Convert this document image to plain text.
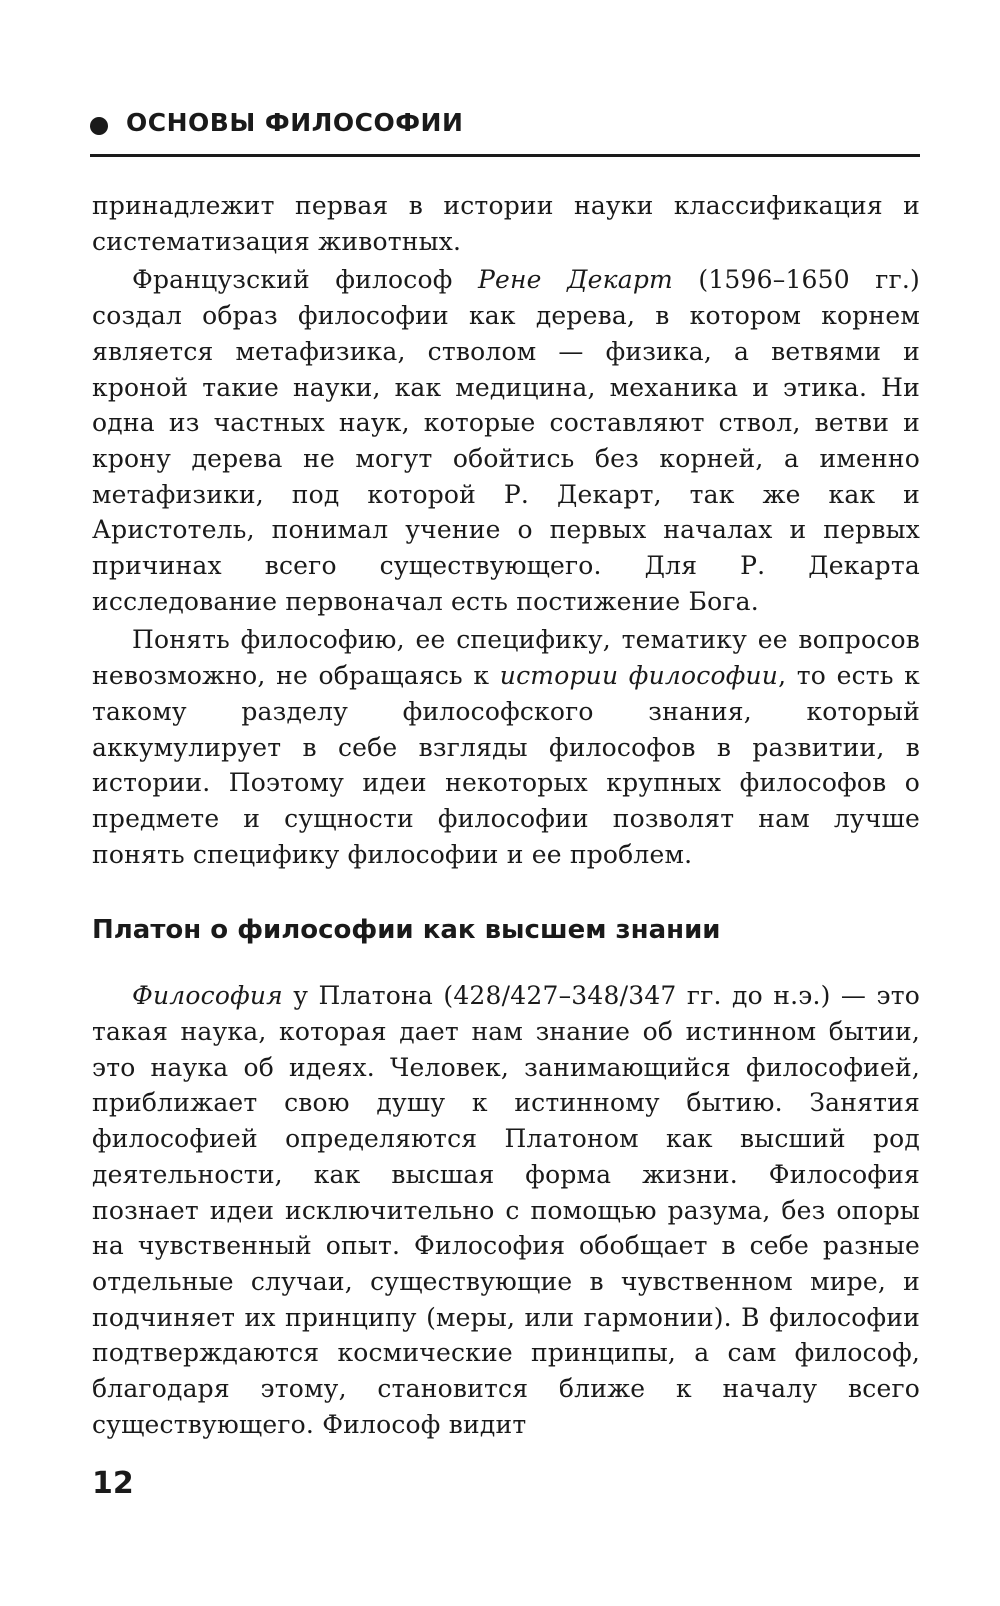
ОСНОВЫ ФИЛОСОФИИ

принадлежит первая в истории науки классификация и систематизация животных.

Французский философ Рене Декарт (1596–1650 гг.) создал образ философии как дерева, в котором корнем является метафизика, стволом — физика, а ветвями и кроной такие науки, как медицина, механика и этика. Ни одна из частных наук, которые составляют ствол, ветви и крону дерева не могут обойтись без корней, а именно метафизики, под которой Р. Декарт, так же как и Аристотель, понимал учение о первых началах и первых причинах всего существующего. Для Р. Декарта исследование первоначал есть постижение Бога.

Понять философию, ее специфику, тематику ее вопросов невозможно, не обращаясь к истории философии, то есть к такому разделу философского знания, который аккумулирует в себе взгляды философов в развитии, в истории. Поэтому идеи некоторых крупных философов о предмете и сущности философии позволят нам лучше понять специфику философии и ее проблем.

Платон о философии как высшем знании

Философия у Платона (428/427–348/347 гг. до н.э.) — это такая наука, которая дает нам знание об истинном бытии, это наука об идеях. Человек, занимающийся философией, приближает свою душу к истинному бытию. Занятия философией определяются Платоном как высший род деятельности, как высшая форма жизни. Философия познает идеи исключительно с помощью разума, без опоры на чувственный опыт. Философия обобщает в себе разные отдельные случаи, существующие в чувственном мире, и подчиняет их принципу (меры, или гармонии). В философии подтверждаются космические принципы, а сам философ, благодаря этому, становится ближе к началу всего существующего. Философ видит

12
